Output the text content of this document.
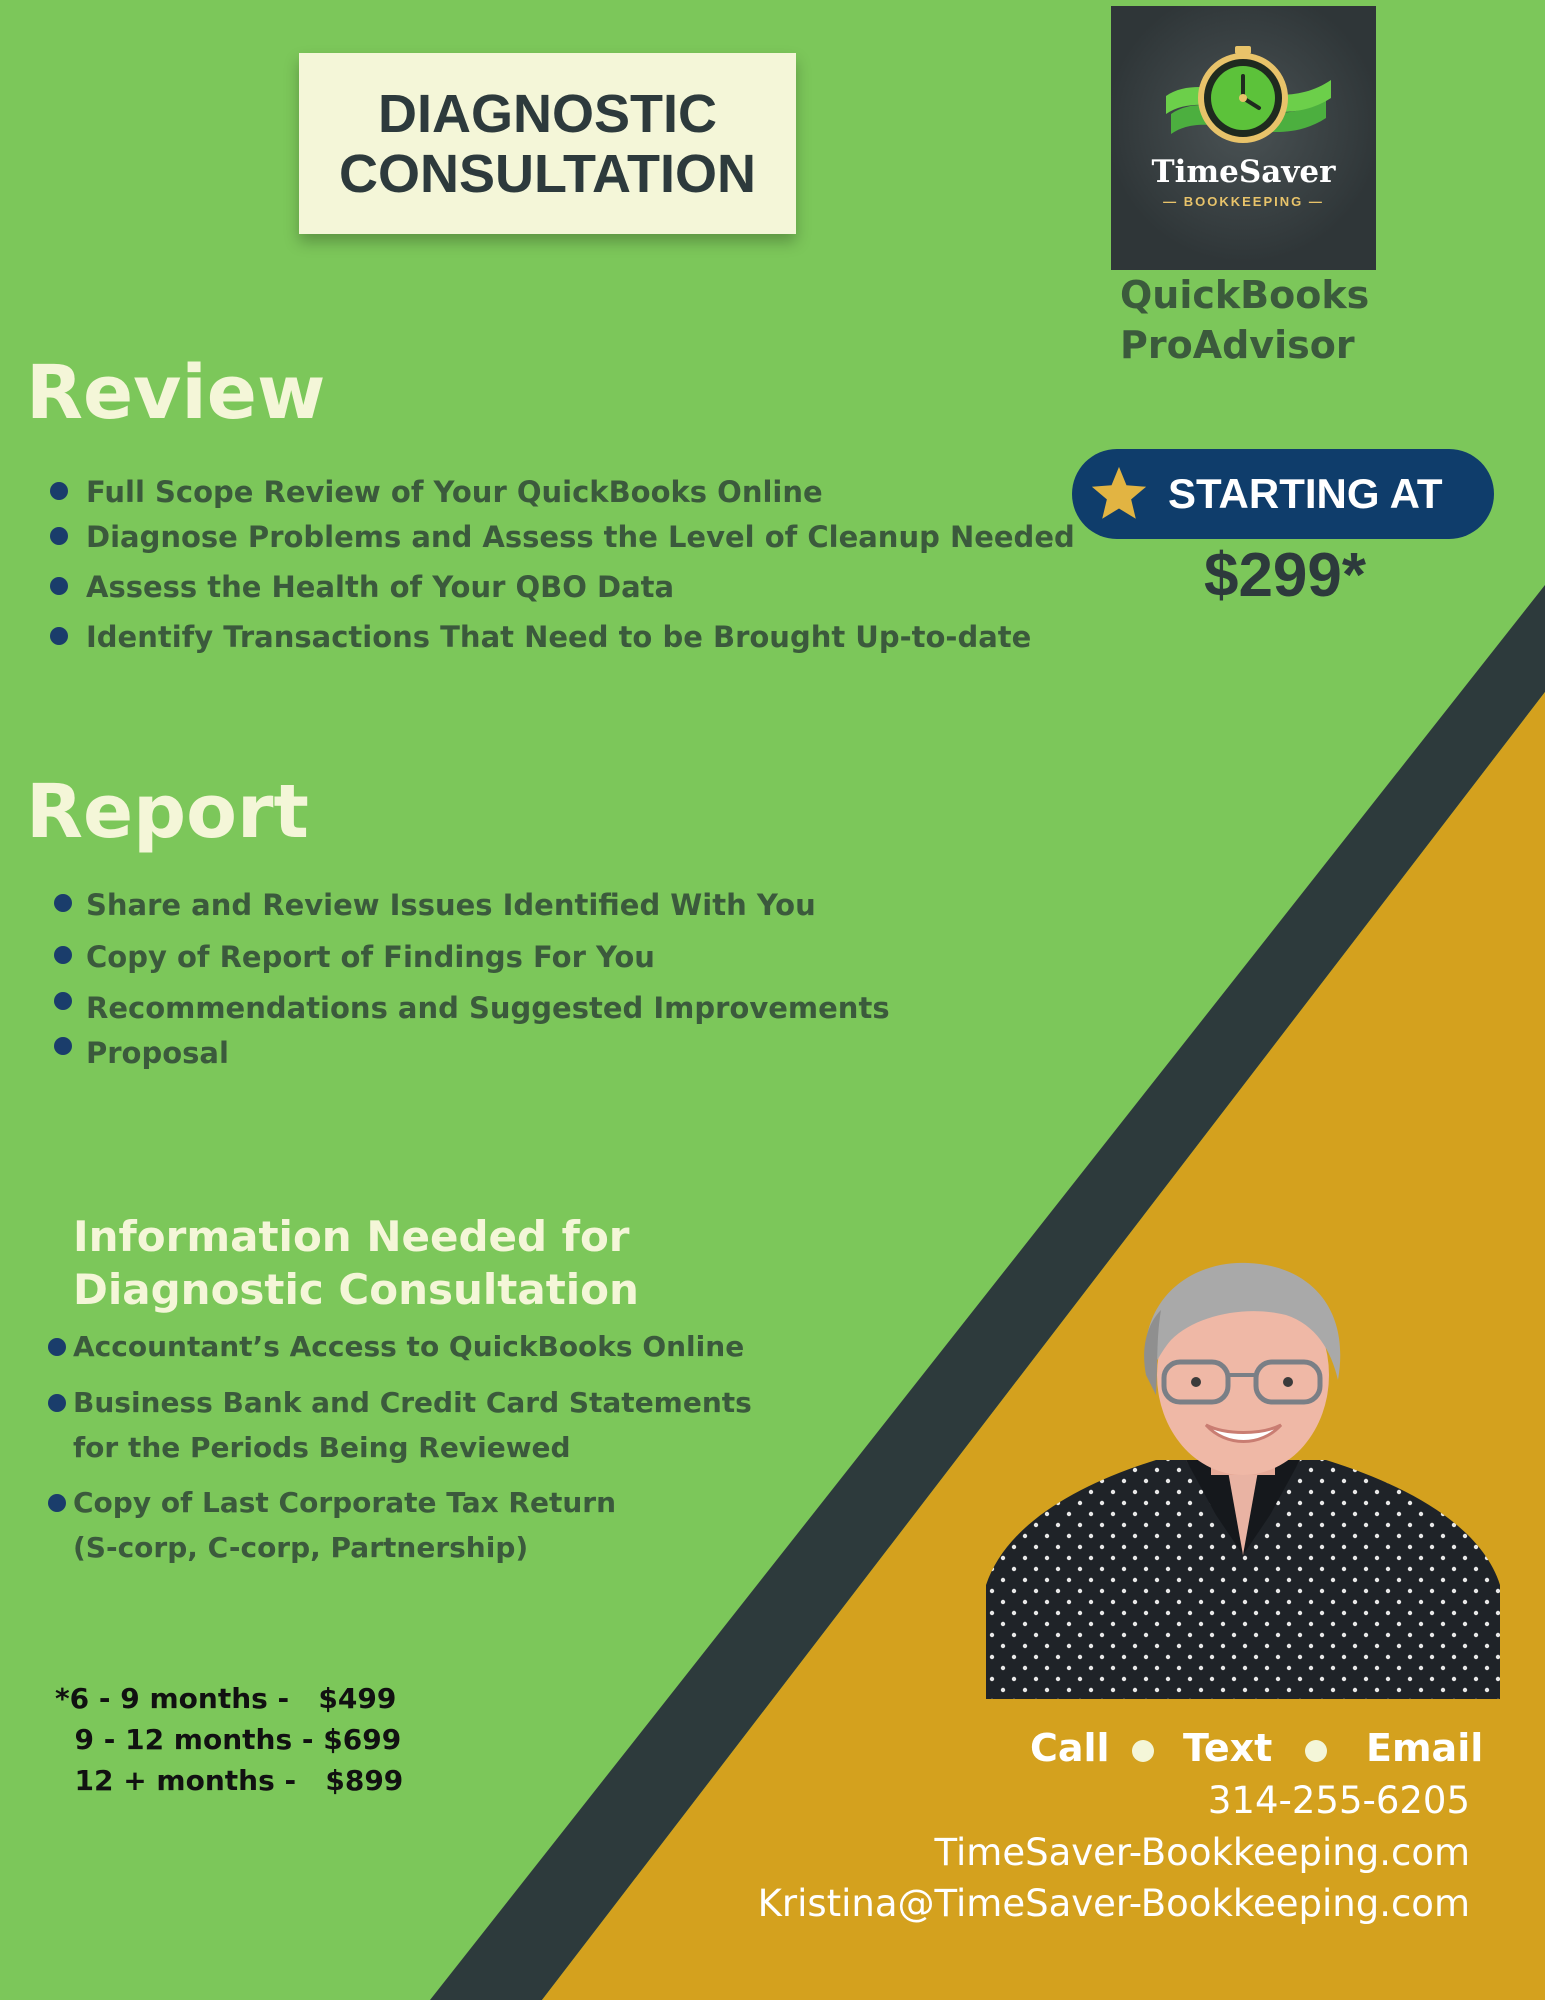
DIAGNOSTIC
CONSULTATION	TimeSaver
— BOOKKEEPING —
QuickBooks
ProAdvisor
Review
Full Scope Review of Your QuickBooks Online
Diagnose Problems and Assess the Level of Cleanup Needed
Assess the Health of Your QBO Data
Identify Transactions That Need to be Brought Up-to-date
STARTING AT
$299*
Report
Share and Review Issues Identified With You
Copy of Report of Findings For You
Recommendations and Suggested Improvements
Proposal
Information Needed for
Diagnostic Consultation
Accountant’s Access to QuickBooks Online
Business Bank and Credit Card Statements
for the Periods Being Reviewed
Copy of Last Corporate Tax Return
(S-corp, C-corp, Partnership)
*6 - 9 months -   $499
9 - 12 months - $699
12 + months -   $899
Call Text Email
314-255-6205
TimeSaver-Bookkeeping.com
Kristina@TimeSaver-Bookkeeping.com
